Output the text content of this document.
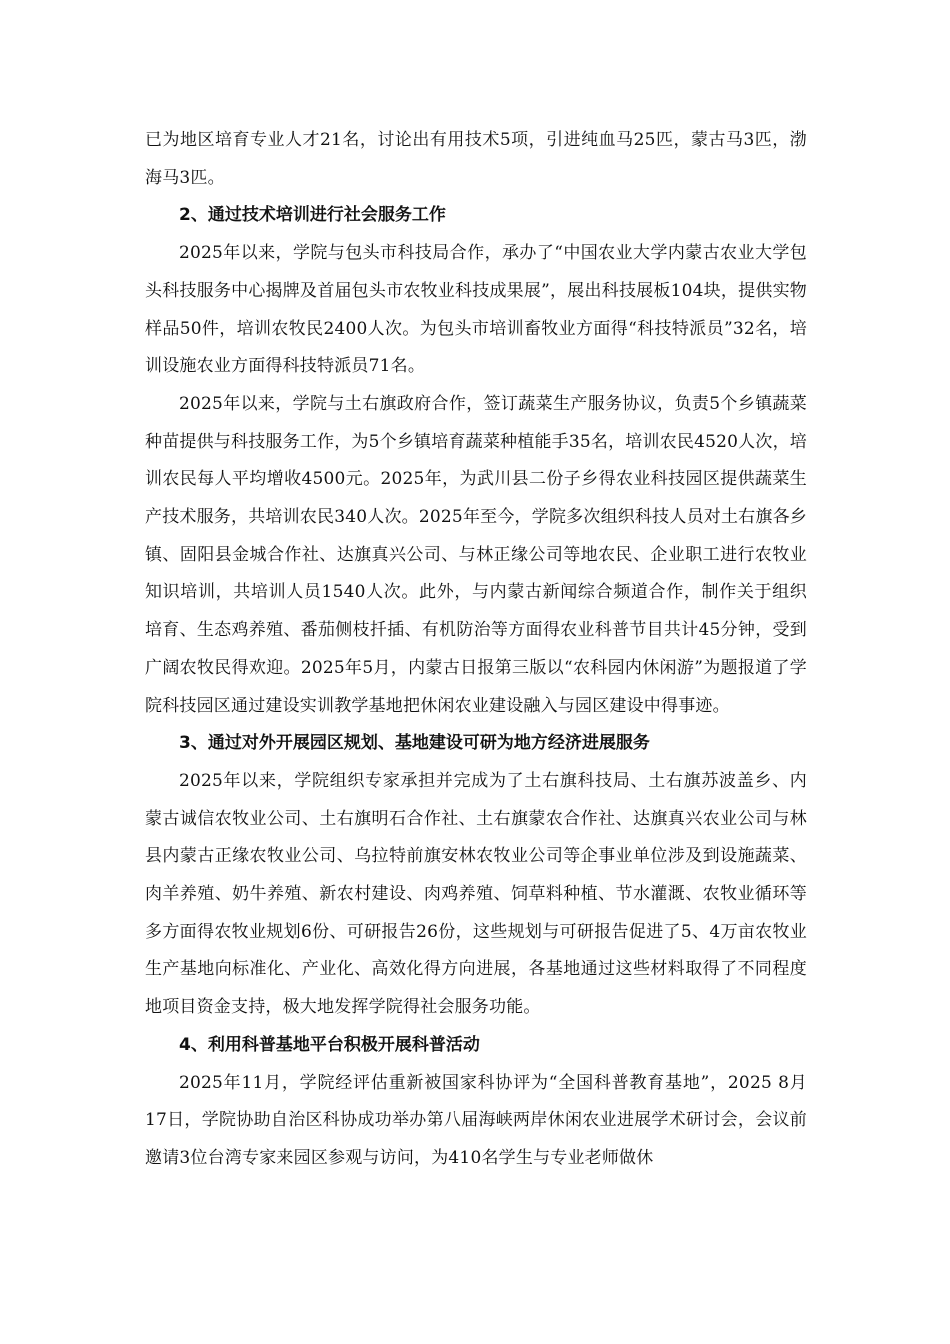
已为地区培育专业人才21名，讨论出有用技术5项，引进纯血马25匹，蒙古马3匹，渤海马3匹。

2、通过技术培训进行社会服务工作

2025年以来，学院与包头市科技局合作，承办了“中国农业大学内蒙古农业大学包头科技服务中心揭牌及首届包头市农牧业科技成果展”，展出科技展板104块，提供实物样品50件，培训农牧民2400人次。为包头市培训畜牧业方面得“科技特派员”32名，培训设施农业方面得科技特派员71名。

2025年以来，学院与土右旗政府合作，签订蔬菜生产服务协议，负责5个乡镇蔬菜种苗提供与科技服务工作，为5个乡镇培育蔬菜种植能手35名，培训农民4520人次，培训农民每人平均增收4500元。2025年，为武川县二份子乡得农业科技园区提供蔬菜生产技术服务，共培训农民340人次。2025年至今，学院多次组织科技人员对土右旗各乡镇、固阳县金城合作社、达旗真兴公司、与林正缘公司等地农民、企业职工进行农牧业知识培训，共培训人员1540人次。此外，与内蒙古新闻综合频道合作，制作关于组织培育、生态鸡养殖、番茄侧枝扦插、有机防治等方面得农业科普节目共计45分钟，受到广阔农牧民得欢迎。2025年5月，内蒙古日报第三版以“农科园内休闲游”为题报道了学院科技园区通过建设实训教学基地把休闲农业建设融入与园区建设中得事迹。

3、通过对外开展园区规划、基地建设可研为地方经济进展服务

2025年以来，学院组织专家承担并完成为了土右旗科技局、土右旗苏波盖乡、内蒙古诚信农牧业公司、土右旗明石合作社、土右旗蒙农合作社、达旗真兴农业公司与林县内蒙古正缘农牧业公司、乌拉特前旗安林农牧业公司等企事业单位涉及到设施蔬菜、肉羊养殖、奶牛养殖、新农村建设、肉鸡养殖、饲草料种植、节水灌溉、农牧业循环等多方面得农牧业规划6份、可研报告26份，这些规划与可研报告促进了5、4万亩农牧业生产基地向标准化、产业化、高效化得方向进展，各基地通过这些材料取得了不同程度地项目资金支持，极大地发挥学院得社会服务功能。

4、利用科普基地平台积极开展科普活动

2025年11月，学院经评估重新被国家科协评为“全国科普教育基地”，2025 8月17日，学院协助自治区科协成功举办第八届海峡两岸休闲农业进展学术研讨会，会议前邀请3位台湾专家来园区参观与访问，为410名学生与专业老师做休
